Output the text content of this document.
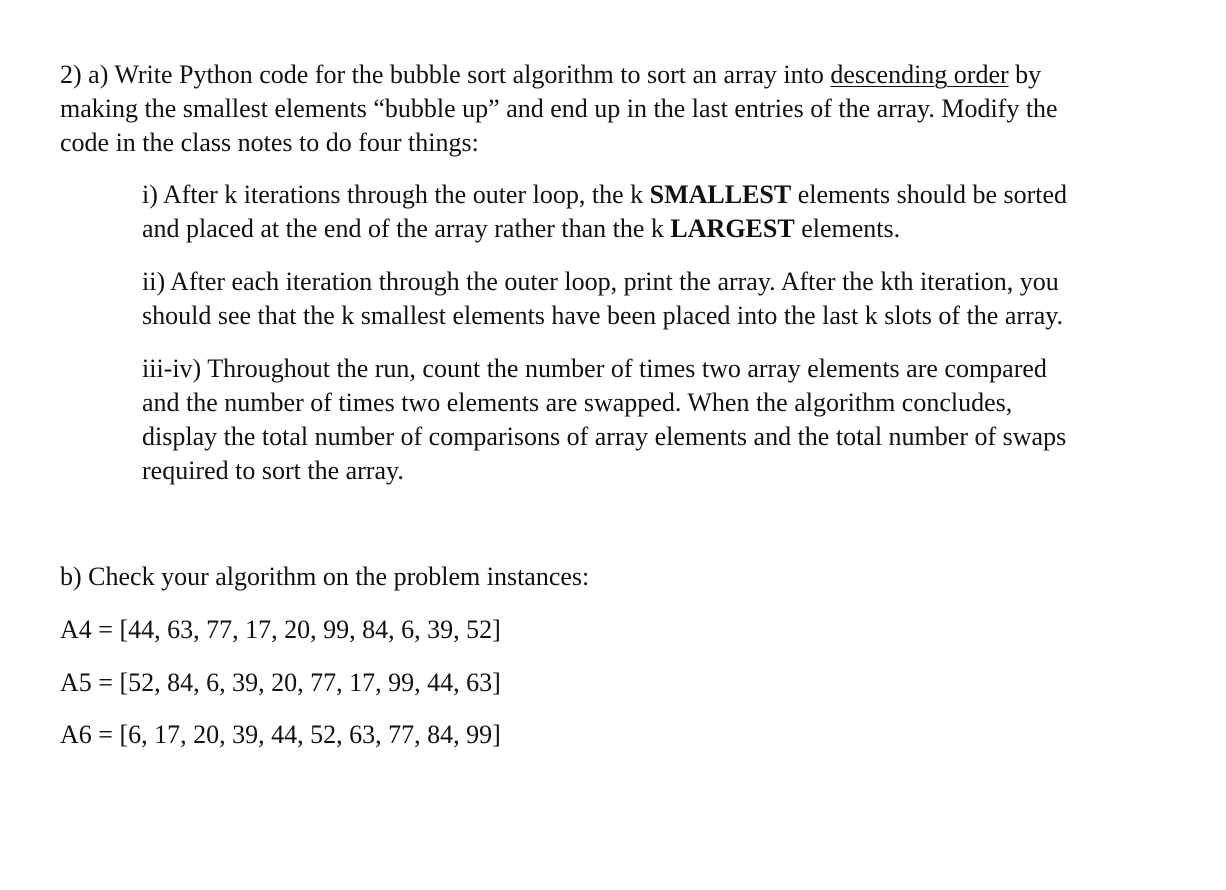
2) a) Write Python code for the bubble sort algorithm to sort an array into descending order by
making the smallest elements “bubble up” and end up in the last entries of the array. Modify the
code in the class notes to do four things:

i) After k iterations through the outer loop, the k SMALLEST elements should be sorted
and placed at the end of the array rather than the k LARGEST elements.

ii) After each iteration through the outer loop, print the array. After the kth iteration, you
should see that the k smallest elements have been placed into the last k slots of the array.

iii-iv) Throughout the run, count the number of times two array elements are compared
and the number of times two elements are swapped. When the algorithm concludes,
display the total number of comparisons of array elements and the total number of swaps
required to sort the array.

b) Check your algorithm on the problem instances:

A4 = [44, 63, 77, 17, 20, 99, 84, 6, 39, 52]

A5 = [52, 84, 6, 39, 20, 77, 17, 99, 44, 63]

A6 = [6, 17, 20, 39, 44, 52, 63, 77, 84, 99]
